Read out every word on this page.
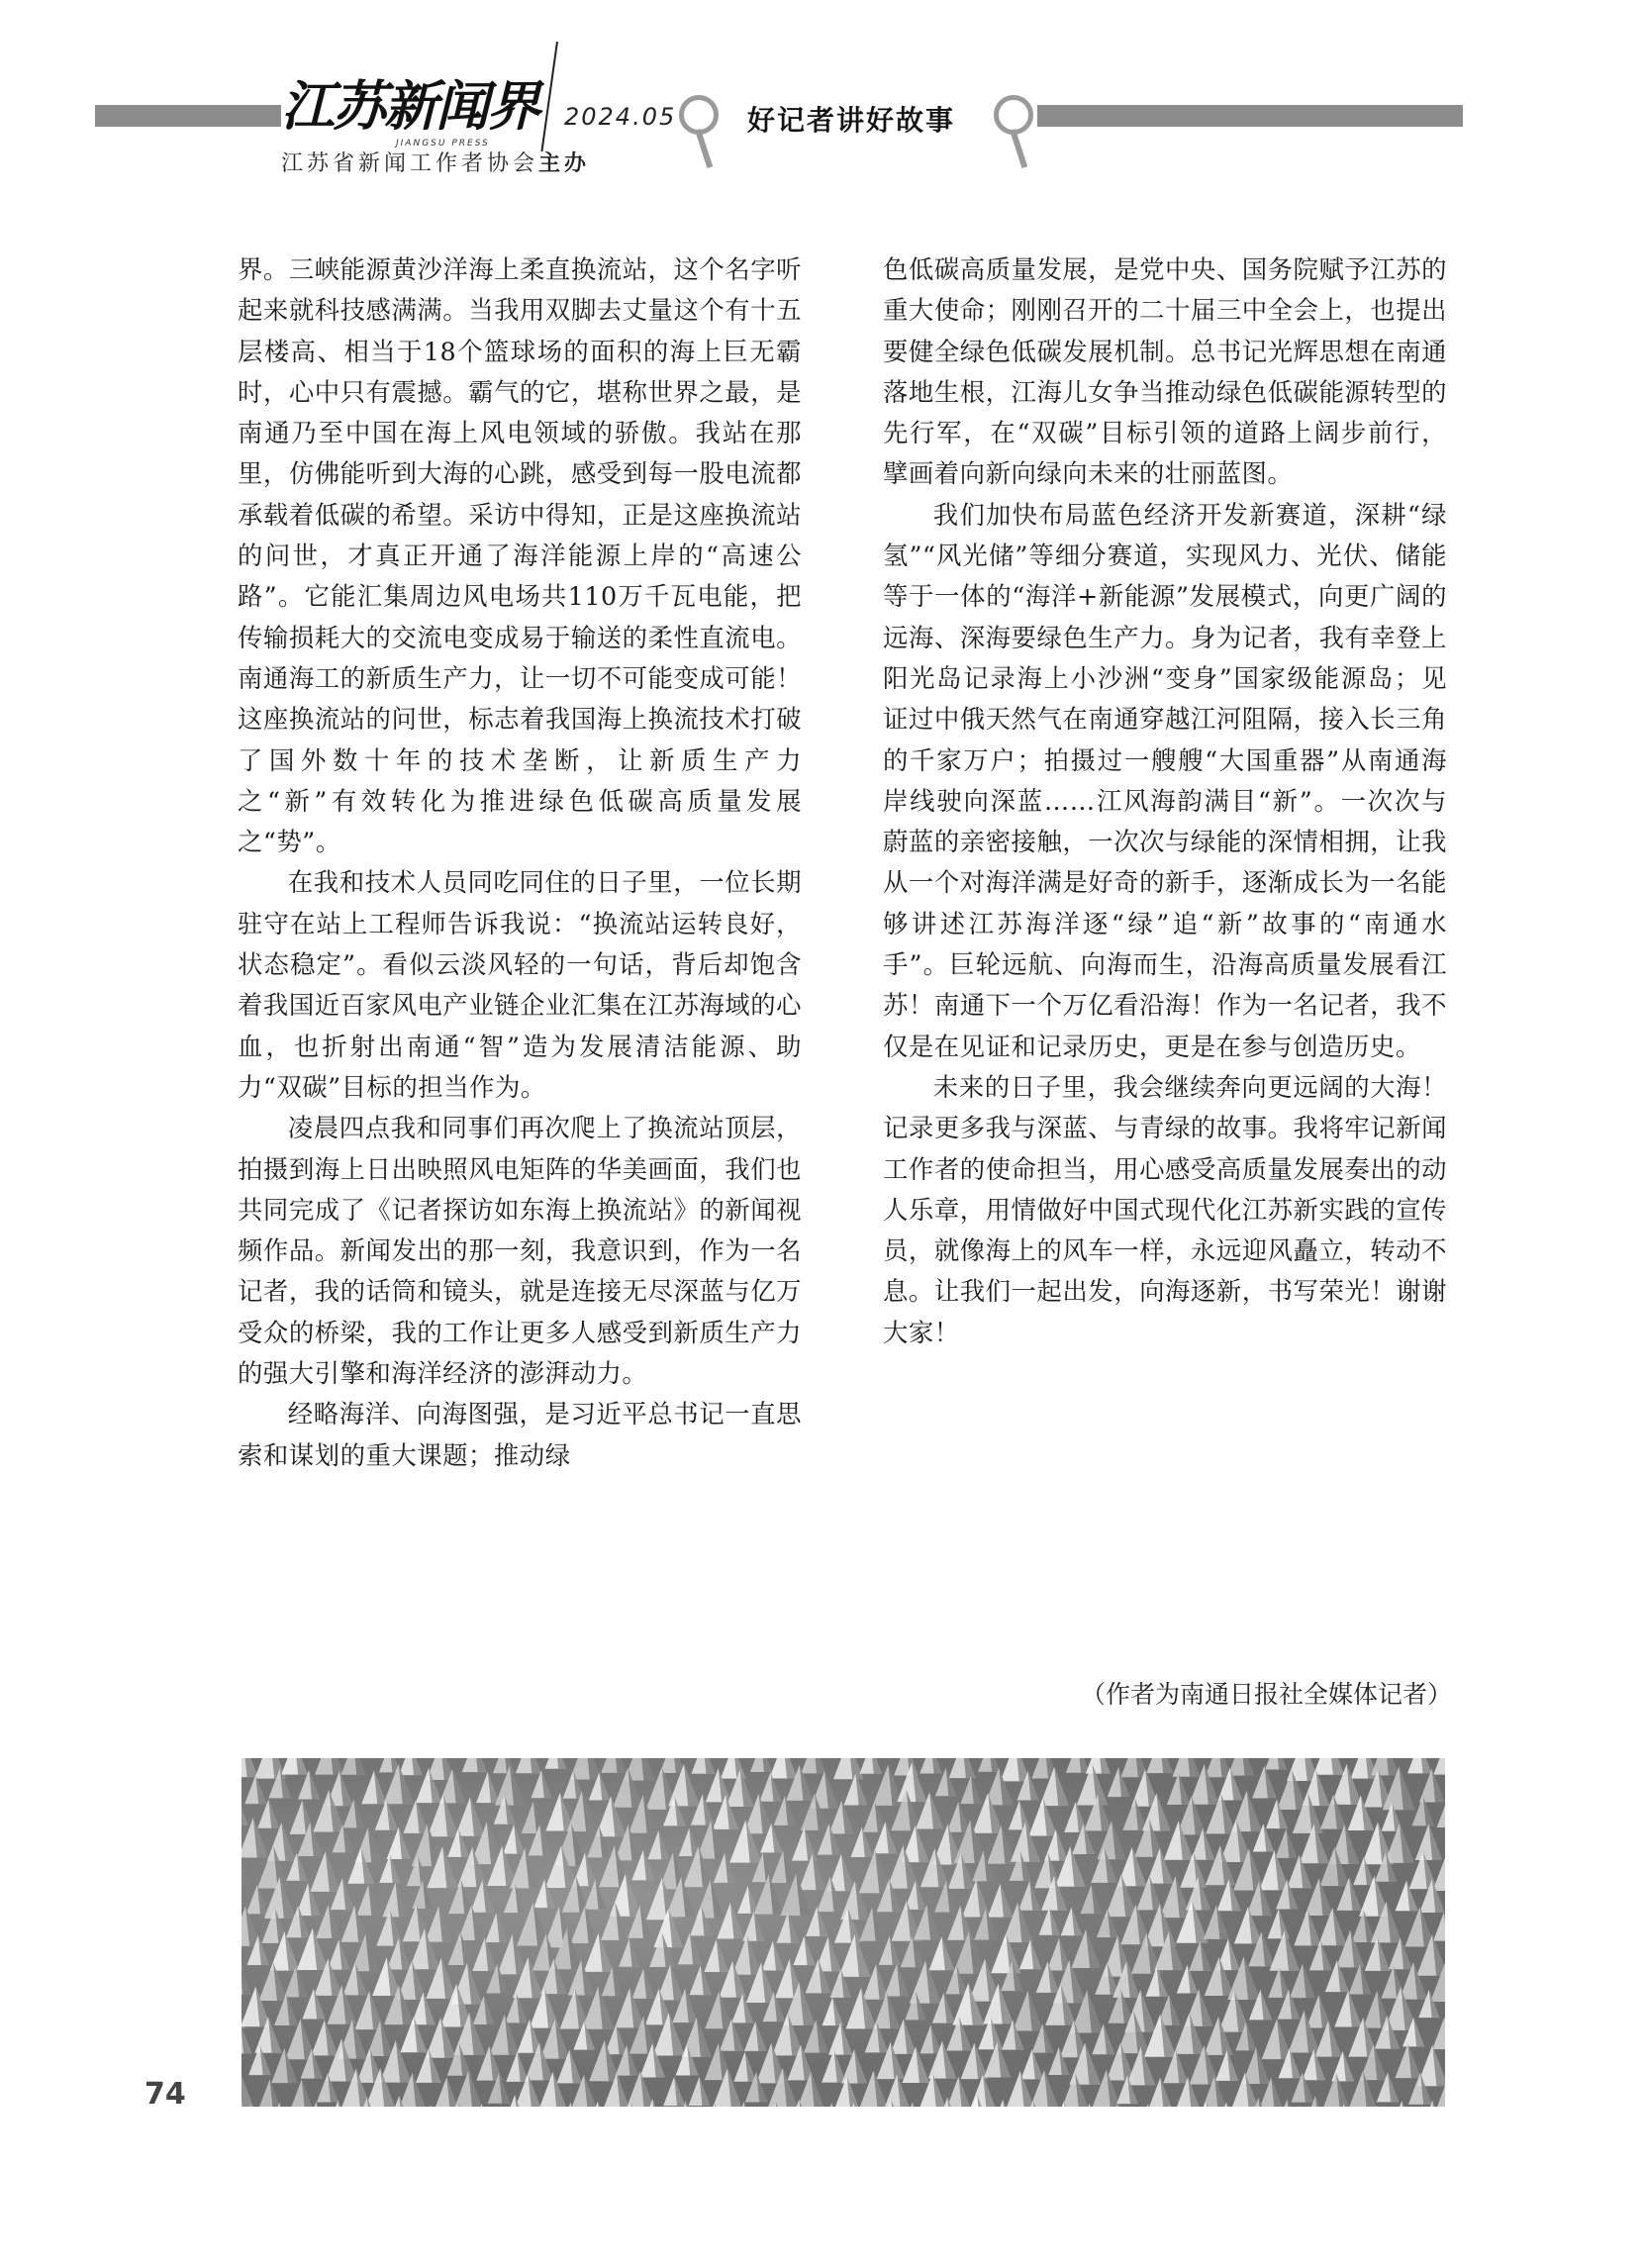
江苏新闻界
JIANGSU PRESS
2024.05
江苏省新闻工作者协会主办
好记者讲好故事

界。三峡能源黄沙洋海上柔直换流站，这个名字听起来就科技感满满。当我用双脚去丈量这个有十五层楼高、相当于18个篮球场的面积的海上巨无霸时，心中只有震撼。霸气的它，堪称世界之最，是南通乃至中国在海上风电领域的骄傲。我站在那里，仿佛能听到大海的心跳，感受到每一股电流都承载着低碳的希望。采访中得知，正是这座换流站的问世，才真正开通了海洋能源上岸的“高速公路”。它能汇集周边风电场共110万千瓦电能，把传输损耗大的交流电变成易于输送的柔性直流电。南通海工的新质生产力，让一切不可能变成可能！这座换流站的问世，标志着我国海上换流技术打破了国外数十年的技术垄断，让新质生产力之“新”有效转化为推进绿色低碳高质量发展之“势”。

在我和技术人员同吃同住的日子里，一位长期驻守在站上工程师告诉我说：“换流站运转良好，状态稳定”。看似云淡风轻的一句话，背后却饱含着我国近百家风电产业链企业汇集在江苏海域的心血，也折射出南通“智”造为发展清洁能源、助力“双碳”目标的担当作为。

凌晨四点我和同事们再次爬上了换流站顶层，拍摄到海上日出映照风电矩阵的华美画面，我们也共同完成了《记者探访如东海上换流站》的新闻视频作品。新闻发出的那一刻，我意识到，作为一名记者，我的话筒和镜头，就是连接无尽深蓝与亿万受众的桥梁，我的工作让更多人感受到新质生产力的强大引擎和海洋经济的澎湃动力。

经略海洋、向海图强，是习近平总书记一直思索和谋划的重大课题；推动绿

色低碳高质量发展，是党中央、国务院赋予江苏的重大使命；刚刚召开的二十届三中全会上，也提出要健全绿色低碳发展机制。总书记光辉思想在南通落地生根，江海儿女争当推动绿色低碳能源转型的先行军，在“双碳”目标引领的道路上阔步前行，擘画着向新向绿向未来的壮丽蓝图。

我们加快布局蓝色经济开发新赛道，深耕“绿氢”“风光储”等细分赛道，实现风力、光伏、储能等于一体的“海洋+新能源”发展模式，向更广阔的远海、深海要绿色生产力。身为记者，我有幸登上阳光岛记录海上小沙洲“变身”国家级能源岛；见证过中俄天然气在南通穿越江河阻隔，接入长三角的千家万户；拍摄过一艘艘“大国重器”从南通海岸线驶向深蓝……江风海韵满目“新”。一次次与蔚蓝的亲密接触，一次次与绿能的深情相拥，让我从一个对海洋满是好奇的新手，逐渐成长为一名能够讲述江苏海洋逐“绿”追“新”故事的“南通水手”。巨轮远航、向海而生，沿海高质量发展看江苏！南通下一个万亿看沿海！作为一名记者，我不仅是在见证和记录历史，更是在参与创造历史。

未来的日子里，我会继续奔向更远阔的大海！记录更多我与深蓝、与青绿的故事。我将牢记新闻工作者的使命担当，用心感受高质量发展奏出的动人乐章，用情做好中国式现代化江苏新实践的宣传员，就像海上的风车一样，永远迎风矗立，转动不息。让我们一起出发，向海逐新，书写荣光！谢谢大家！

（作者为南通日报社全媒体记者）
74
